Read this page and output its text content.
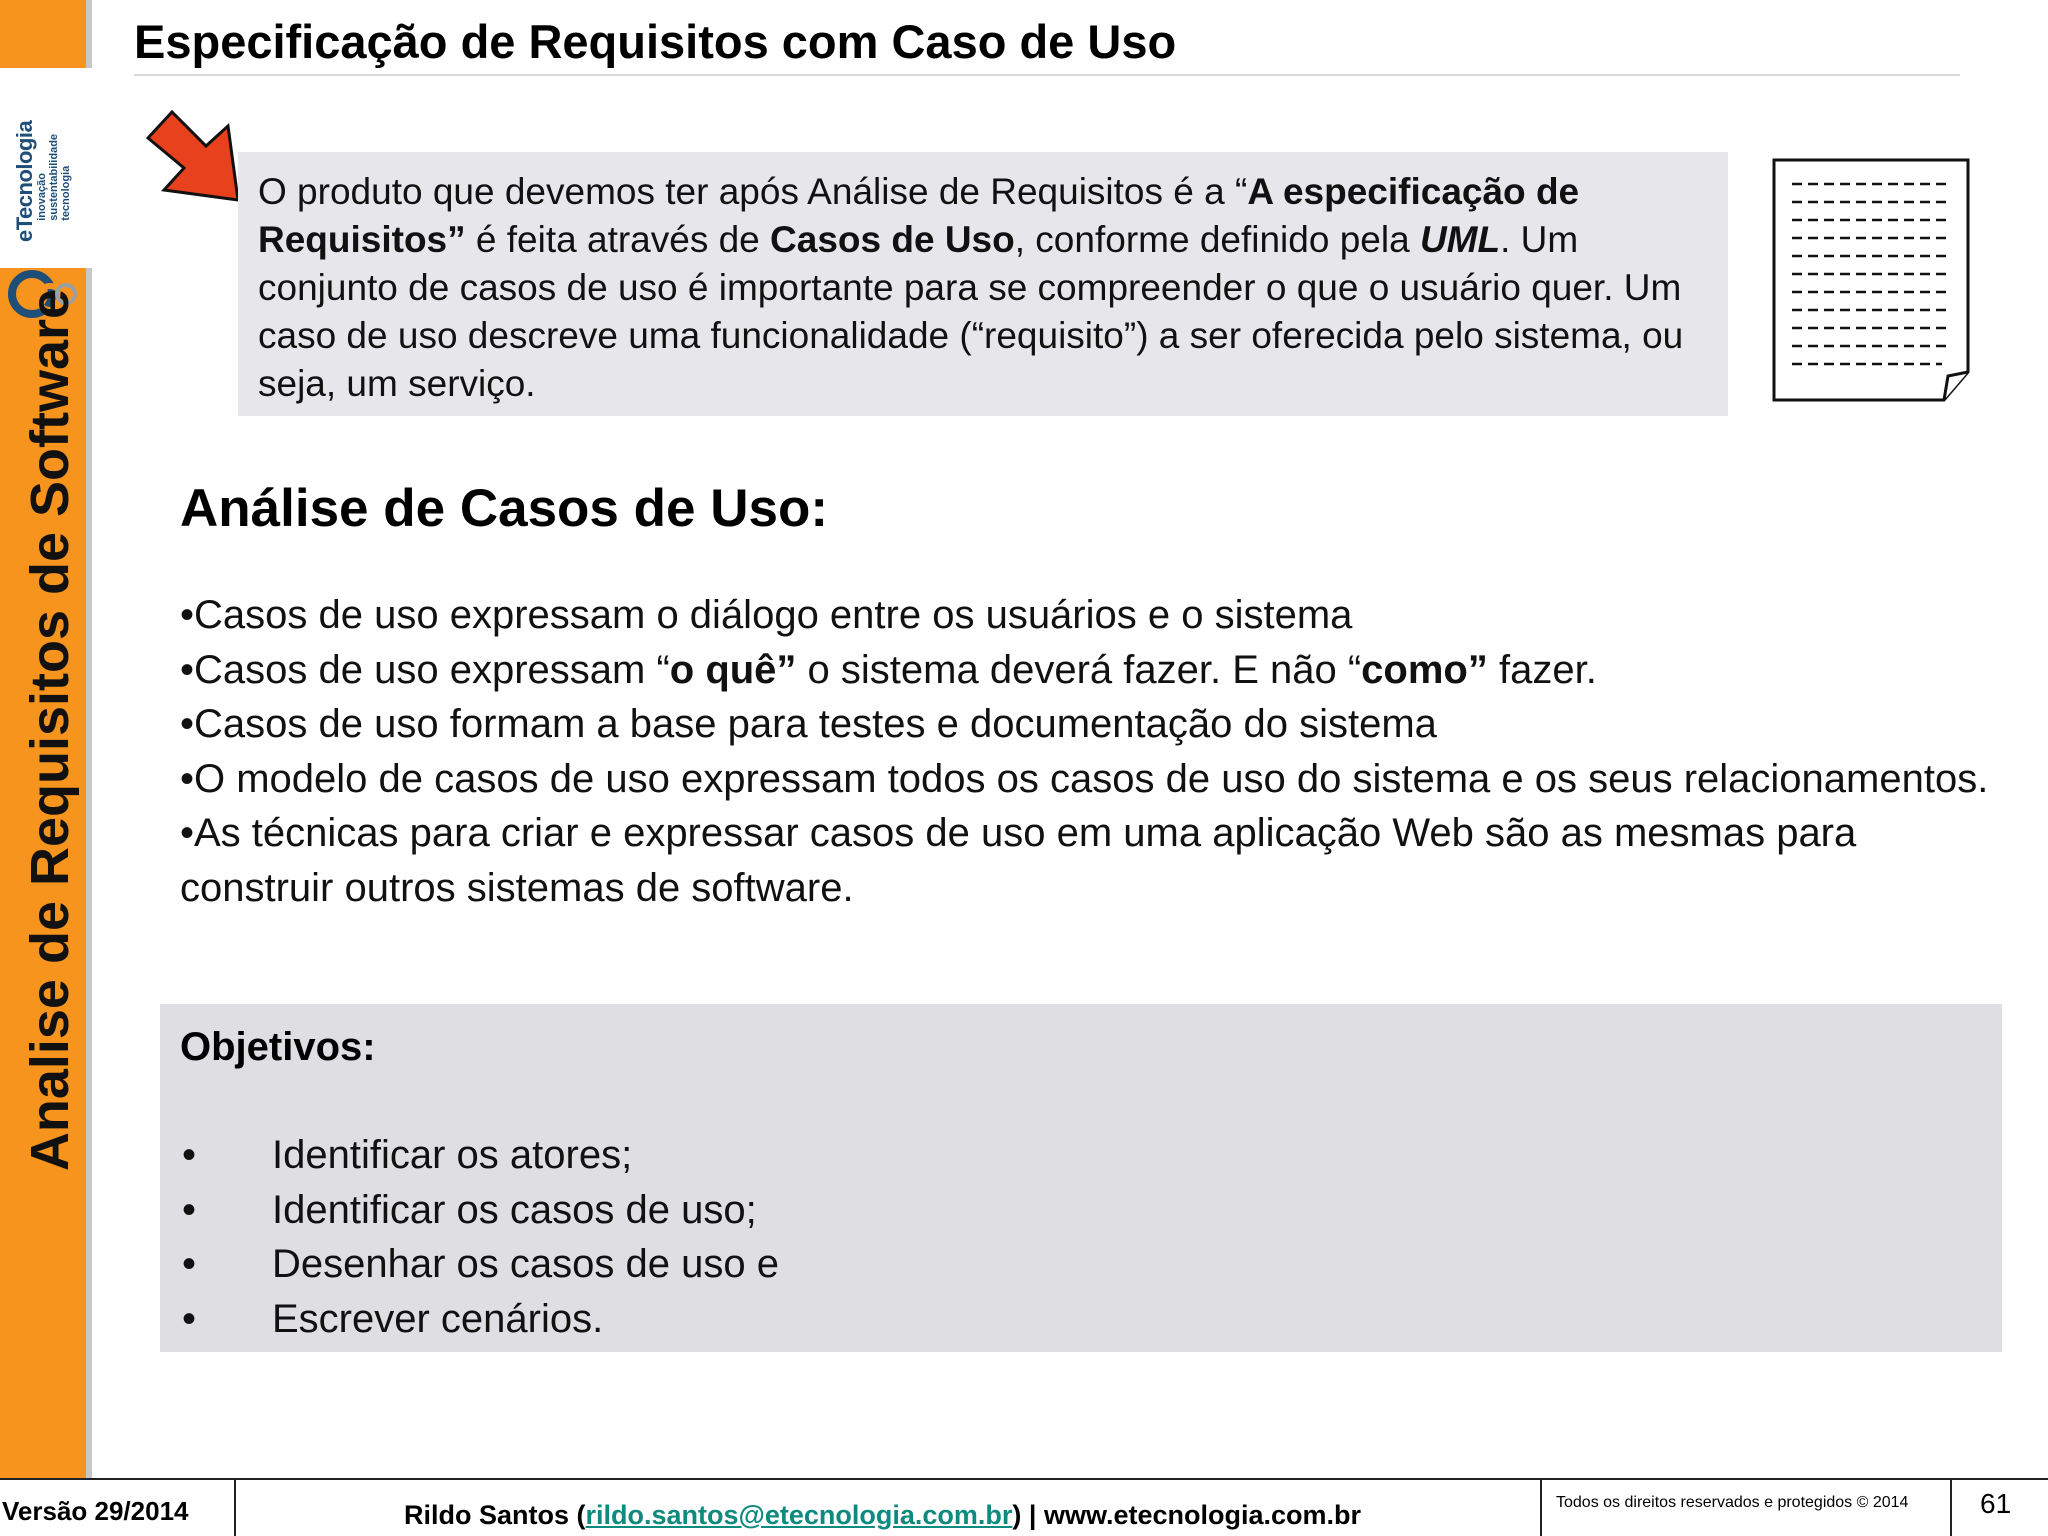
eTecnologia inovação sustentabilidade tecnologia
Analise de Requisitos de Software
Especificação de Requisitos com Caso de Uso
O produto que devemos ter após Análise de Requisitos é a “A especificação de Requisitos” é feita através de Casos de Uso, conforme definido pela UML. Um conjunto de casos de uso é importante para se compreender o que o usuário quer. Um caso de uso descreve uma funcionalidade (“requisito”) a ser oferecida pelo sistema, ou seja, um serviço.
Análise de Casos de Uso:

•Casos de uso expressam o diálogo entre os usuários e o sistema

•Casos de uso expressam “o quê” o sistema deverá fazer. E não “como” fazer.

•Casos de uso formam a base para testes e documentação do sistema

•O modelo de casos de uso expressam todos os casos de uso do sistema e os seus relacionamentos.

•As técnicas para criar e expressar casos de uso em uma aplicação Web são as mesmas para construir outros sistemas de software.

Objetivos:
•	Identificar os atores;
•	Identificar os casos de uso;
•	Desenhar os casos de uso e
•	Escrever cenários.
Versão 29/2014	Rildo Santos (rildo.santos@etecnologia.com.br) | www.etecnologia.com.br	Todos os direitos reservados e protegidos © 2014	61
